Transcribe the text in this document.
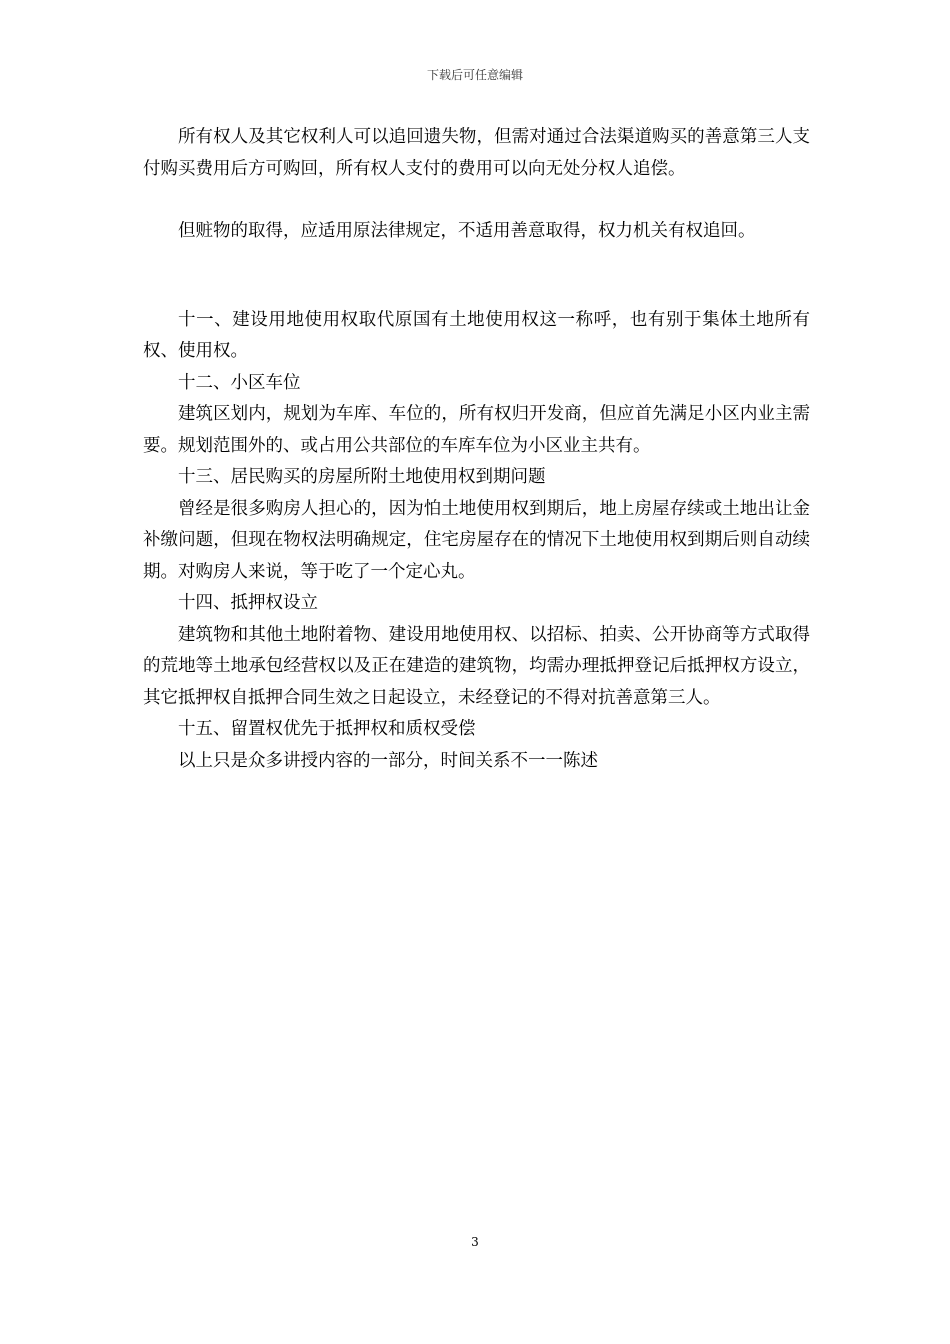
下载后可任意编辑

所有权人及其它权利人可以追回遗失物，但需对通过合法渠道购买的善意第三人支付购买费用后方可购回，所有权人支付的费用可以向无处分权人追偿。

但赃物的取得，应适用原法律规定，不适用善意取得，权力机关有权追回。

十一、建设用地使用权取代原国有土地使用权这一称呼，也有别于集体土地所有权、使用权。

十二、小区车位

建筑区划内，规划为车库、车位的，所有权归开发商，但应首先满足小区内业主需要。规划范围外的、或占用公共部位的车库车位为小区业主共有。

十三、居民购买的房屋所附土地使用权到期问题

曾经是很多购房人担心的，因为怕土地使用权到期后，地上房屋存续或土地出让金补缴问题，但现在物权法明确规定，住宅房屋存在的情况下土地使用权到期后则自动续期。对购房人来说，等于吃了一个定心丸。

十四、抵押权设立

建筑物和其他土地附着物、建设用地使用权、以招标、拍卖、公开协商等方式取得的荒地等土地承包经营权以及正在建造的建筑物，均需办理抵押登记后抵押权方设立，其它抵押权自抵押合同生效之日起设立，未经登记的不得对抗善意第三人。

十五、留置权优先于抵押权和质权受偿

以上只是众多讲授内容的一部分，时间关系不一一陈述

3
